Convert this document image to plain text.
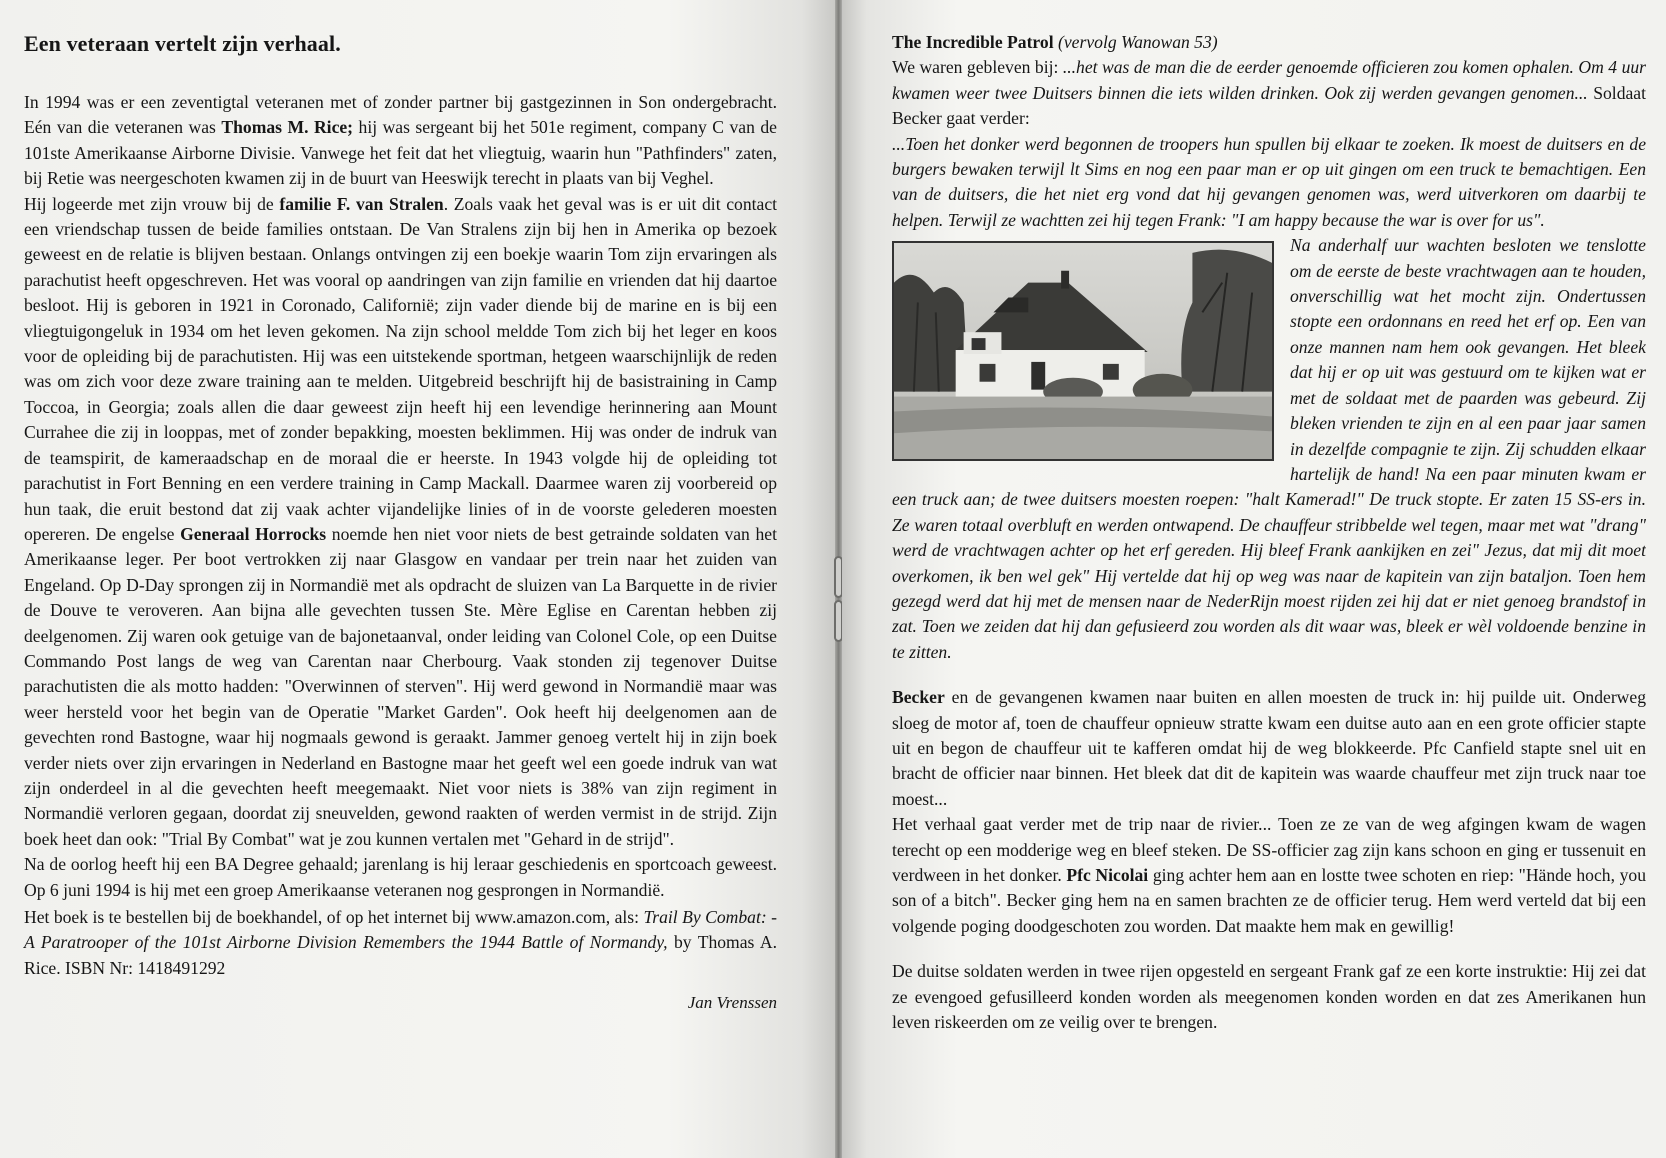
Een veteraan vertelt zijn verhaal.

In 1994 was er een zeventigtal veteranen met of zonder partner bij gastgezinnen in Son ondergebracht. Eén van die veteranen was Thomas M. Rice; hij was sergeant bij het 501e regiment, company C van de 101ste Amerikaanse Airborne Divisie. Vanwege het feit dat het vliegtuig, waarin hun "Pathfinders" zaten, bij Retie was neergeschoten kwamen zij in de buurt van Heeswijk terecht in plaats van bij Veghel.

Hij logeerde met zijn vrouw bij de familie F. van Stralen. Zoals vaak het geval was is er uit dit contact een vriendschap tussen de beide families ontstaan. De Van Stralens zijn bij hen in Amerika op bezoek geweest en de relatie is blijven bestaan. Onlangs ontvingen zij een boekje waarin Tom zijn ervaringen als parachutist heeft opgeschreven. Het was vooral op aandringen van zijn familie en vrienden dat hij daartoe besloot. Hij is geboren in 1921 in Coronado, Californië; zijn vader diende bij de marine en is bij een vliegtuigongeluk in 1934 om het leven gekomen. Na zijn school meldde Tom zich bij het leger en koos voor de opleiding bij de parachutisten. Hij was een uitstekende sportman, hetgeen waarschijnlijk de reden was om zich voor deze zware training aan te melden. Uitgebreid beschrijft hij de basistraining in Camp Toccoa, in Georgia; zoals allen die daar geweest zijn heeft hij een levendige herinnering aan Mount Currahee die zij in looppas, met of zonder bepakking, moesten beklimmen. Hij was onder de indruk van de teamspirit, de kameraadschap en de moraal die er heerste. In 1943 volgde hij de opleiding tot parachutist in Fort Benning en een verdere training in Camp Mackall. Daarmee waren zij voorbereid op hun taak, die eruit bestond dat zij vaak achter vijandelijke linies of in de voorste gelederen moesten opereren. De engelse Generaal Horrocks noemde hen niet voor niets de best getrainde soldaten van het Amerikaanse leger. Per boot vertrokken zij naar Glasgow en vandaar per trein naar het zuiden van Engeland. Op D-Day sprongen zij in Normandië met als opdracht de sluizen van La Barquette in de rivier de Douve te veroveren. Aan bijna alle gevechten tussen Ste. Mère Eglise en Carentan hebben zij deelgenomen. Zij waren ook getuige van de bajonetaanval, onder leiding van Colonel Cole, op een Duitse Commando Post langs de weg van Carentan naar Cherbourg. Vaak stonden zij tegenover Duitse parachutisten die als motto hadden: "Overwinnen of sterven". Hij werd gewond in Normandië maar was weer hersteld voor het begin van de Operatie "Market Garden". Ook heeft hij deelgenomen aan de gevechten rond Bastogne, waar hij nogmaals gewond is geraakt. Jammer genoeg vertelt hij in zijn boek verder niets over zijn ervaringen in Nederland en Bastogne maar het geeft wel een goede indruk van wat zijn onderdeel in al die gevechten heeft meegemaakt. Niet voor niets is 38% van zijn regiment in Normandië verloren gegaan, doordat zij sneuvelden, gewond raakten of werden vermist in de strijd. Zijn boek heet dan ook: "Trial By Combat" wat je zou kunnen vertalen met "Gehard in de strijd".

Na de oorlog heeft hij een BA Degree gehaald; jarenlang is hij leraar geschiedenis en sportcoach geweest. Op 6 juni 1994 is hij met een groep Amerikaanse veteranen nog gesprongen in Normandië.

Het boek is te bestellen bij de boekhandel, of op het internet bij www.amazon.com, als: Trail By Combat: - A Paratrooper of the 101st Airborne Division Remembers the 1944 Battle of Normandy, by Thomas A. Rice. ISBN Nr: 1418491292

Jan Vrenssen

The Incredible Patrol (vervolg Wanowan 53)

We waren gebleven bij: ...het was de man die de eerder genoemde officieren zou komen ophalen. Om 4 uur kwamen weer twee Duitsers binnen die iets wilden drinken. Ook zij werden gevangen genomen... Soldaat Becker gaat verder:

...Toen het donker werd begonnen de troopers hun spullen bij elkaar te zoeken. Ik moest de duitsers en de burgers bewaken terwijl lt Sims en nog een paar man er op uit gingen om een truck te bemachtigen. Een van de duitsers, die het niet erg vond dat hij gevangen genomen was, werd uitverkoren om daarbij te helpen. Terwijl ze wachtten zei hij tegen Frank: "I am happy because the war is over for us".

Na anderhalf uur wachten besloten we tenslotte om de eerste de beste vrachtwagen aan te houden, onverschillig wat het mocht zijn. Ondertussen stopte een ordonnans en reed het erf op. Een van onze mannen nam hem ook gevangen. Het bleek dat hij er op uit was gestuurd om te kijken wat er met de soldaat met de paarden was gebeurd. Zij bleken vrienden te zijn en al een paar jaar samen in dezelfde compagnie te zijn. Zij schudden elkaar hartelijk de hand! Na een paar minuten kwam er een truck aan; de twee duitsers moesten roepen: "halt Kamerad!" De truck stopte. Er zaten 15 SS-ers in. Ze waren totaal overbluft en werden ontwapend. De chauffeur stribbelde wel tegen, maar met wat "drang" werd de vrachtwagen achter op het erf gereden. Hij bleef Frank aankijken en zei" Jezus, dat mij dit moet overkomen, ik ben wel gek" Hij vertelde dat hij op weg was naar de kapitein van zijn bataljon. Toen hem gezegd werd dat hij met de mensen naar de NederRijn moest rijden zei hij dat er niet genoeg brandstof in zat. Toen we zeiden dat hij dan gefusieerd zou worden als dit waar was, bleek er wèl voldoende benzine in te zitten.

Becker en de gevangenen kwamen naar buiten en allen moesten de truck in: hij puilde uit. Onderweg sloeg de motor af, toen de chauffeur opnieuw stratte kwam een duitse auto aan en een grote officier stapte uit en begon de chauffeur uit te kafferen omdat hij de weg blokkeerde. Pfc Canfield stapte snel uit en bracht de officier naar binnen. Het bleek dat dit de kapitein was waarde chauffeur met zijn truck naar toe moest...

Het verhaal gaat verder met de trip naar de rivier... Toen ze ze van de weg afgingen kwam de wagen terecht op een modderige weg en bleef steken. De SS-officier zag zijn kans schoon en ging er tussenuit en verdween in het donker. Pfc Nicolai ging achter hem aan en lostte twee schoten en riep: "Hände hoch, you son of a bitch". Becker ging hem na en samen brachten ze de officier terug. Hem werd verteld dat bij een volgende poging doodgeschoten zou worden. Dat maakte hem mak en gewillig!

De duitse soldaten werden in twee rijen opgesteld en sergeant Frank gaf ze een korte instruktie: Hij zei dat ze evengoed gefusilleerd konden worden als meegenomen konden worden en dat zes Amerikanen hun leven riskeerden om ze veilig over te brengen.
